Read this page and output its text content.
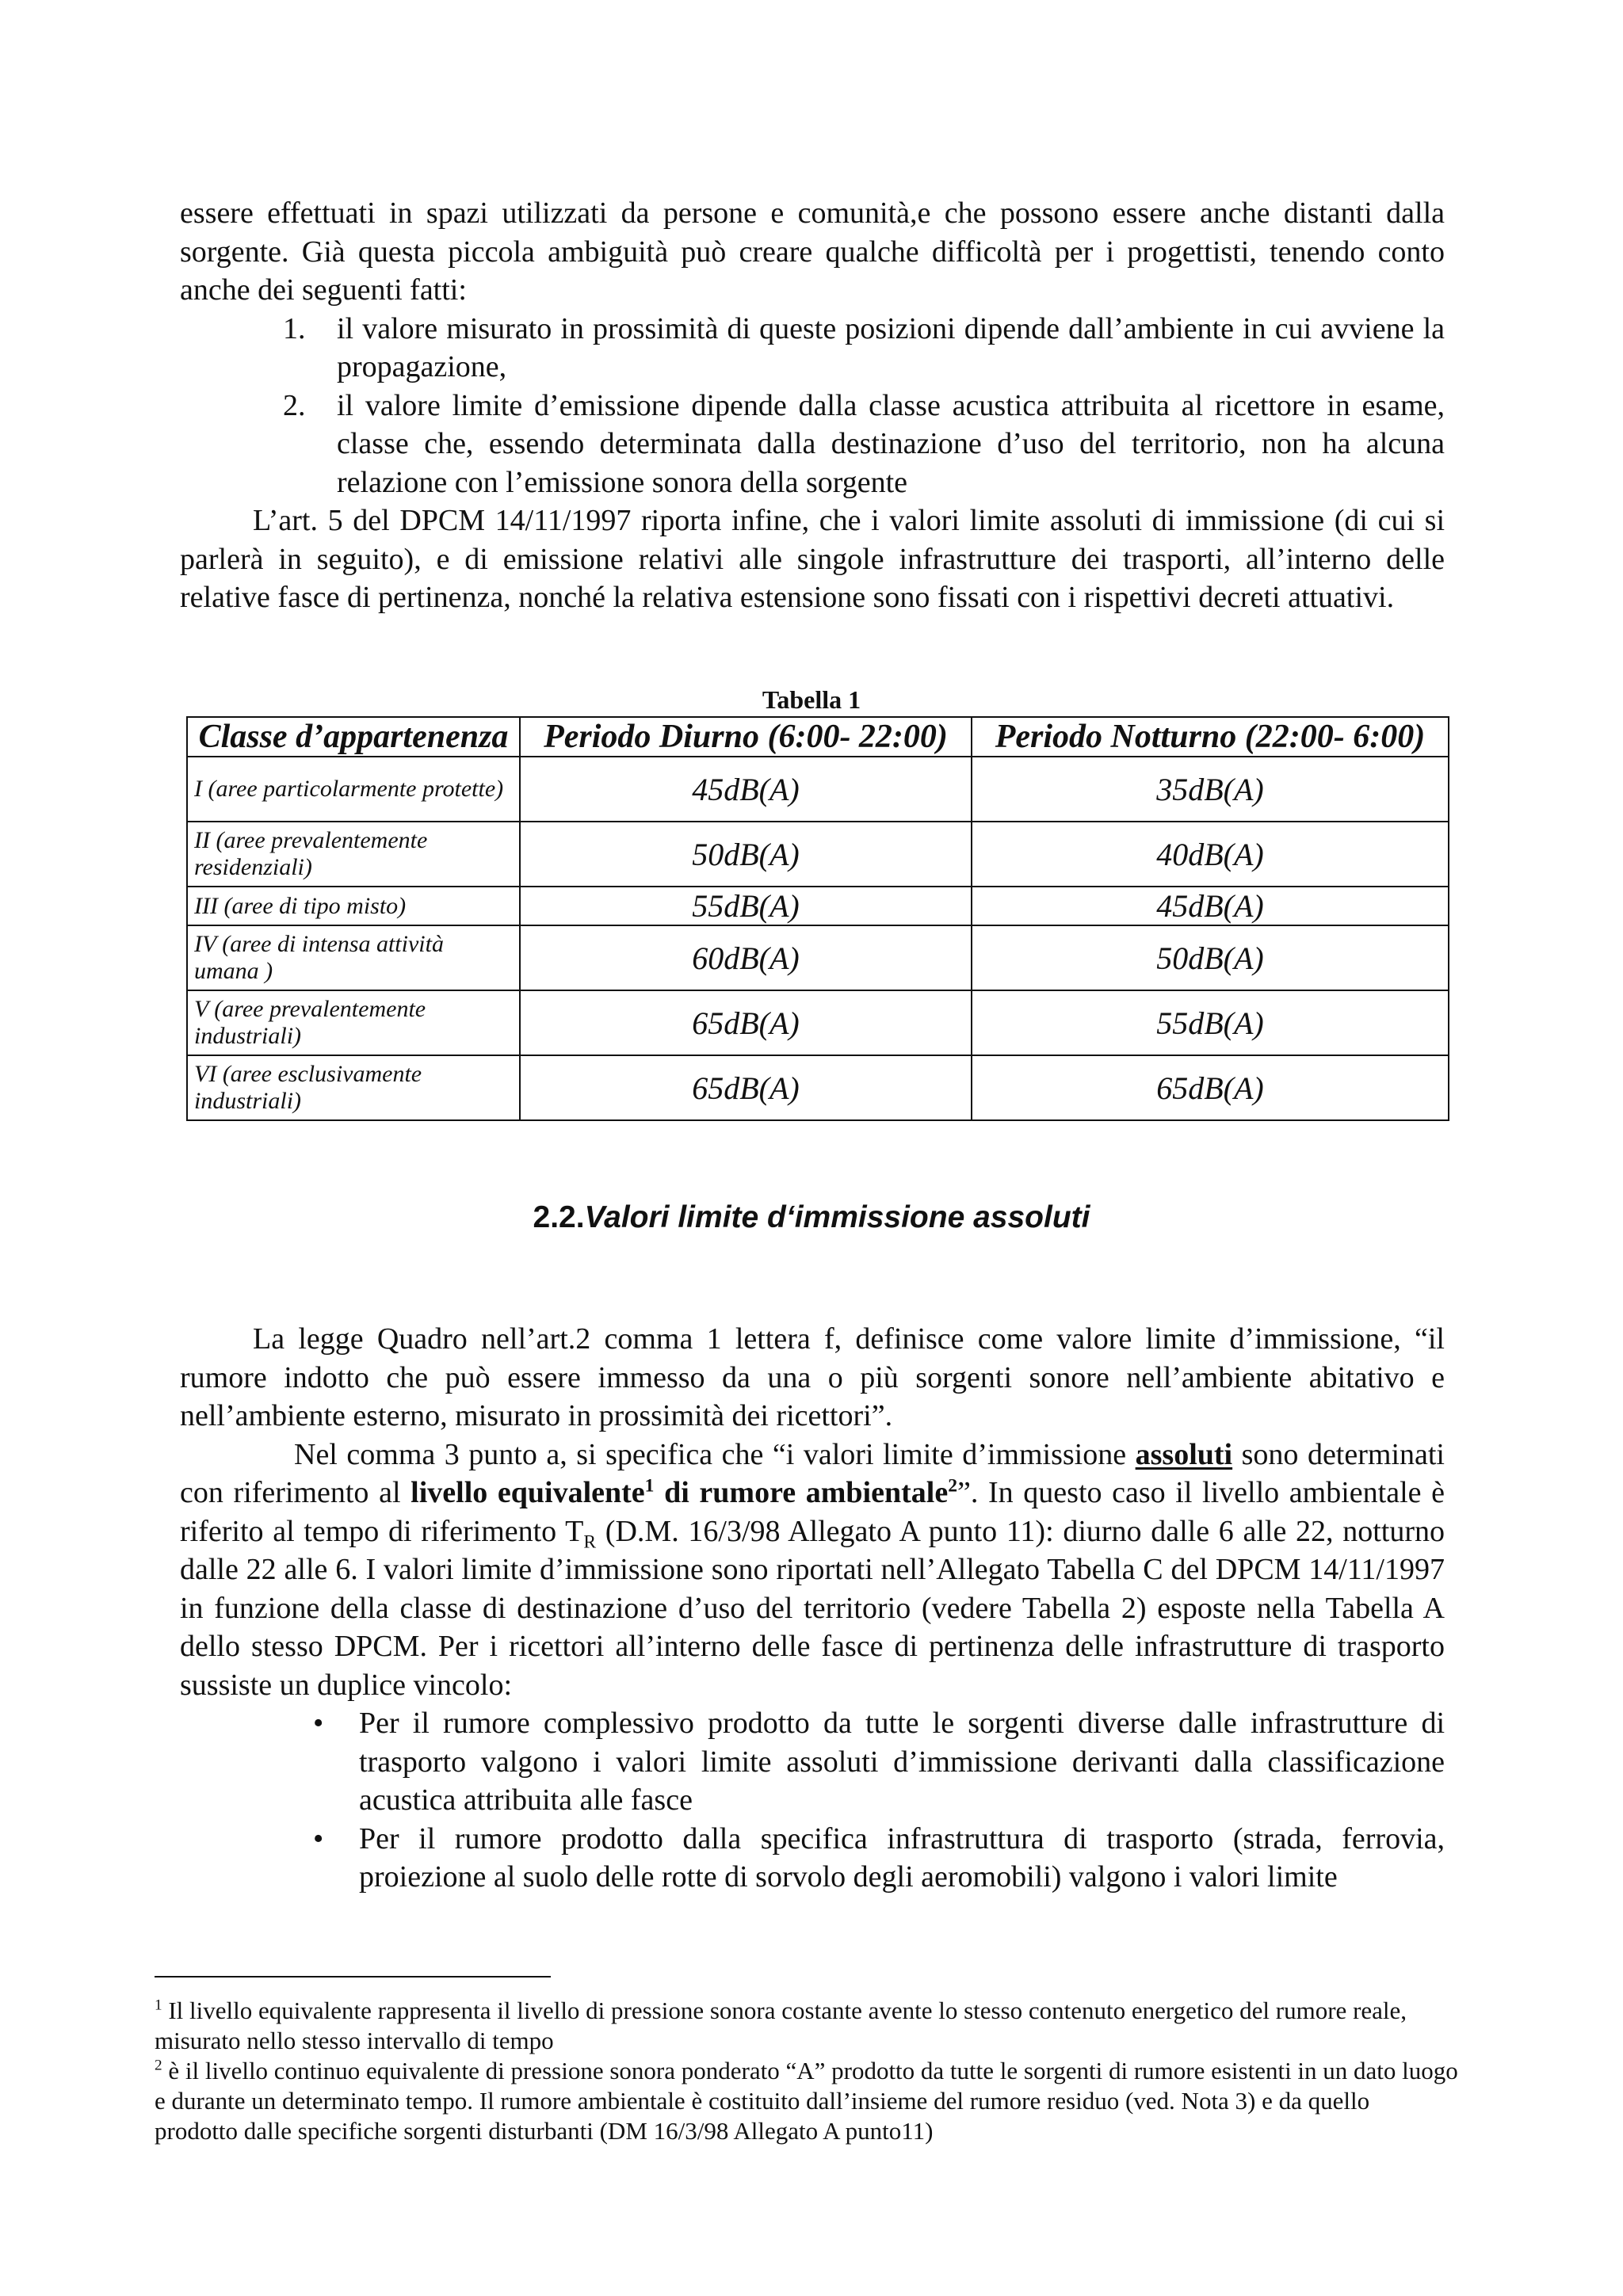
essere effettuati in spazi utilizzati da persone e comunità,e che possono essere anche distanti dalla sorgente. Già questa piccola ambiguità può creare qualche difficoltà per i progettisti, tenendo conto anche dei seguenti fatti:

1. il valore misurato in prossimità di queste posizioni dipende dall’ambiente in cui avviene la propagazione,
2. il valore limite d’emissione dipende dalla classe acustica attribuita al ricettore in esame, classe che, essendo determinata dalla destinazione d’uso del territorio, non ha alcuna relazione con l’emissione sonora della sorgente

L’art. 5 del DPCM 14/11/1997 riporta infine, che i valori limite assoluti di immissione (di cui si parlerà in seguito), e di emissione relativi alle singole infrastrutture dei trasporti, all’interno delle relative fasce di pertinenza, nonché la relativa estensione sono fissati con i rispettivi decreti attuativi.

Tabella 1
Classe d’appartenenza	Periodo Diurno (6:00- 22:00)	Periodo Notturno (22:00- 6:00)
I (aree particolarmente protette)	45dB(A)	35dB(A)
II (aree prevalentemente residenziali)	50dB(A)	40dB(A)
III (aree di tipo misto)	55dB(A)	45dB(A)
IV (aree di intensa attività umana )	60dB(A)	50dB(A)
V (aree prevalentemente industriali)	65dB(A)	55dB(A)
VI (aree esclusivamente industriali)	65dB(A)	65dB(A)
2.2.Valori limite d‘immissione assoluti

La legge Quadro nell’art.2 comma 1 lettera f, definisce come valore limite d’immissione, “il rumore indotto che può essere immesso da una o più sorgenti sonore nell’ambiente abitativo e nell’ambiente esterno, misurato in prossimità dei ricettori”.

Nel comma 3 punto a, si specifica che “i valori limite d’immissione assoluti sono determinati con riferimento al livello equivalente$^1$ di rumore ambientale$^2$”. In questo caso il livello ambientale è riferito al tempo di riferimento $T_R$ (D.M. 16/3/98 Allegato A punto 11): diurno dalle 6 alle 22, notturno dalle 22 alle 6. I valori limite d’immissione sono riportati nell’Allegato Tabella C del DPCM 14/11/1997 in funzione della classe di destinazione d’uso del territorio (vedere Tabella 2) esposte nella Tabella A dello stesso DPCM. Per i ricettori all’interno delle fasce di pertinenza delle infrastrutture di trasporto sussiste un duplice vincolo:

• Per il rumore complessivo prodotto da tutte le sorgenti diverse dalle infrastrutture di trasporto valgono i valori limite assoluti d’immissione derivanti dalla classificazione acustica attribuita alle fasce
• Per il rumore prodotto dalla specifica infrastruttura di trasporto (strada, ferrovia, proiezione al suolo delle rotte di sorvolo degli aeromobili) valgono i valori limite

$^1$ Il livello equivalente rappresenta il livello di pressione sonora costante avente lo stesso contenuto energetico del rumore reale, misurato nello stesso intervallo di tempo

$^2$ è il livello continuo equivalente di pressione sonora ponderato “A” prodotto da tutte le sorgenti di rumore esistenti in un dato luogo e durante un determinato tempo. Il rumore ambientale è costituito dall’insieme del rumore residuo (ved. Nota 3) e da quello prodotto dalle specifiche sorgenti disturbanti (DM 16/3/98 Allegato A punto11)
